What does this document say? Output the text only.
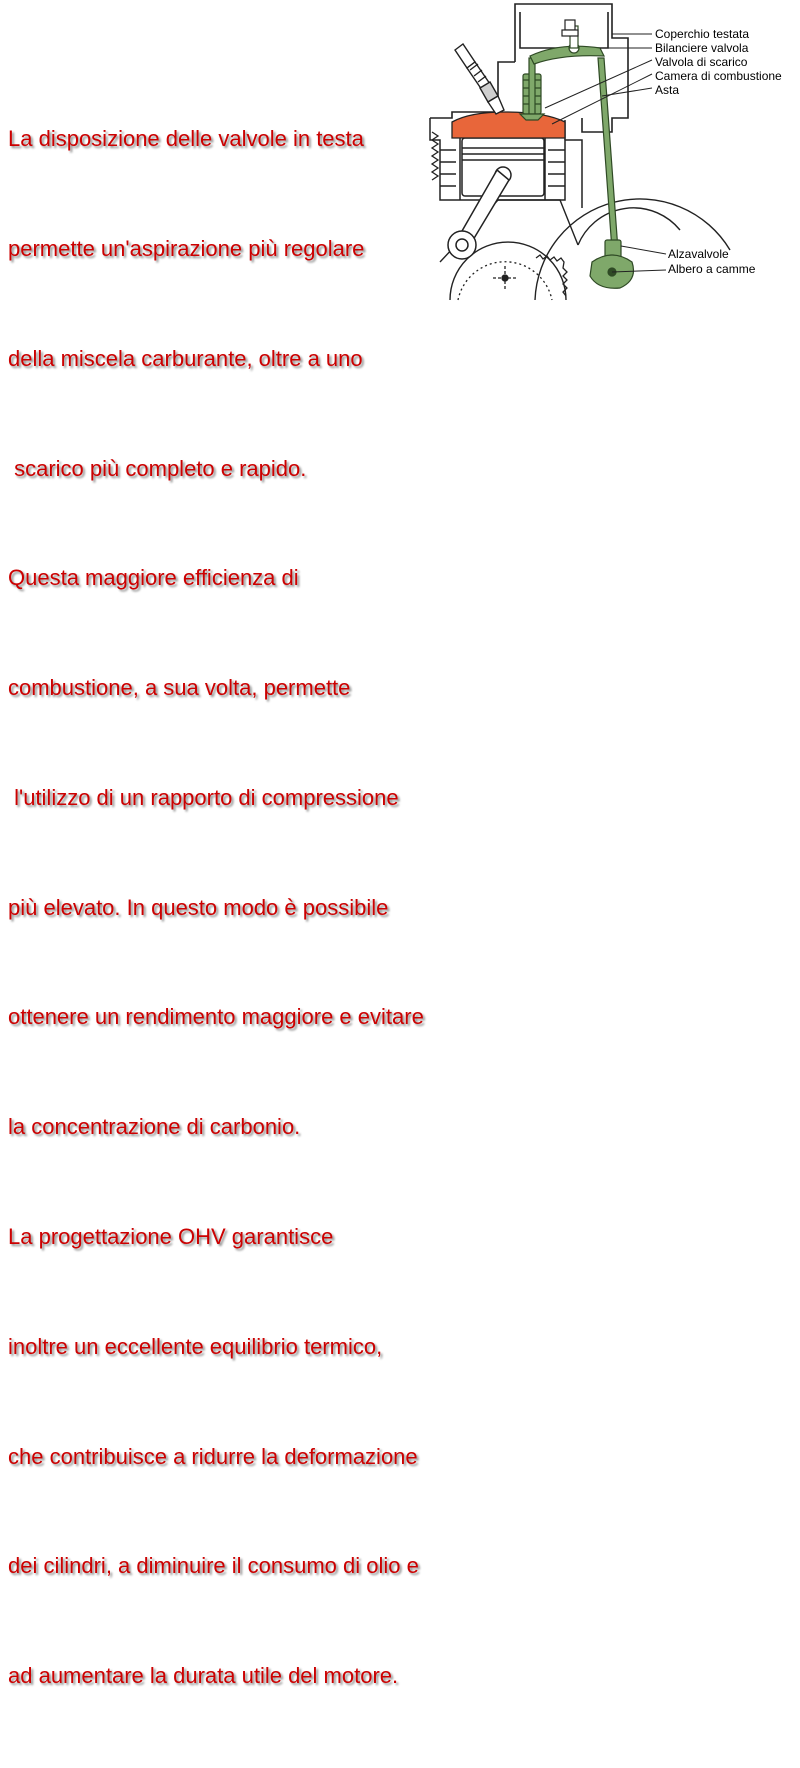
La disposizione delle valvole in testa

permette un'aspirazione più regolare

della miscela carburante, oltre a uno

scarico più completo e rapido.

Questa maggiore efficienza di

combustione, a sua volta, permette

l'utilizzo di un rapporto di compressione

più elevato. In questo modo è possibile

ottenere un rendimento maggiore e evitare

la concentrazione di carbonio.

La progettazione OHV garantisce

inoltre un eccellente equilibrio termico,

che contribuisce a ridurre la deformazione

dei cilindri, a diminuire il consumo di olio e

ad aumentare la durata utile del motore.

Coperchio testata
Bilanciere valvola
Valvola di scarico
Camera di combustione
Asta
Alzavalvole
Albero a camme
